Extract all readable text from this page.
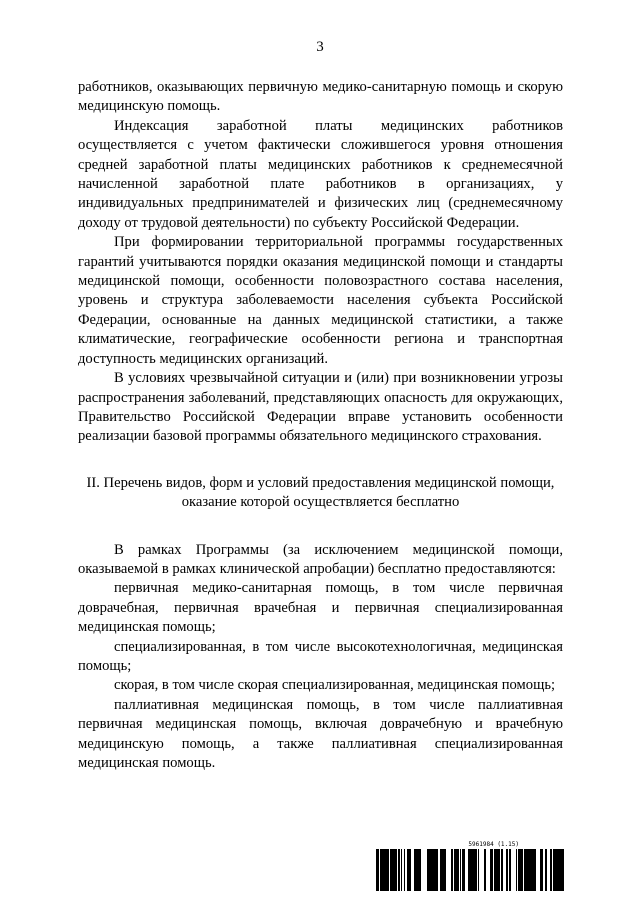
3

работников, оказывающих первичную медико-санитарную помощь и скорую медицинскую помощь.

Индексация заработной платы медицинских работников осуществляется с учетом фактически сложившегося уровня отношения средней заработной платы медицинских работников к среднемесячной начисленной заработной плате работников в организациях, у индивидуальных предпринимателей и физических лиц (среднемесячному доходу от трудовой деятельности) по субъекту Российской Федерации.

При формировании территориальной программы государственных гарантий учитываются порядки оказания медицинской помощи и стандарты медицинской помощи, особенности половозрастного состава населения, уровень и структура заболеваемости населения субъекта Российской Федерации, основанные на данных медицинской статистики, а также климатические, географические особенности региона и транспортная доступность медицинских организаций.

В условиях чрезвычайной ситуации и (или) при возникновении угрозы распространения заболеваний, представляющих опасность для окружающих, Правительство Российской Федерации вправе установить особенности реализации базовой программы обязательного медицинского страхования.

II. Перечень видов, форм и условий предоставления медицинской помощи,
оказание которой осуществляется бесплатно

В рамках Программы (за исключением медицинской помощи, оказываемой в рамках клинической апробации) бесплатно предоставляются:

первичная медико-санитарная помощь, в том числе первичная доврачебная, первичная врачебная и первичная специализированная медицинская помощь;

специализированная, в том числе высокотехнологичная, медицинская помощь;

скорая, в том числе скорая специализированная, медицинская помощь;

паллиативная медицинская помощь, в том числе паллиативная первичная медицинская помощь, включая доврачебную и врачебную медицинскую помощь, а также паллиативная специализированная медицинская помощь.

5961984 (1.15)
